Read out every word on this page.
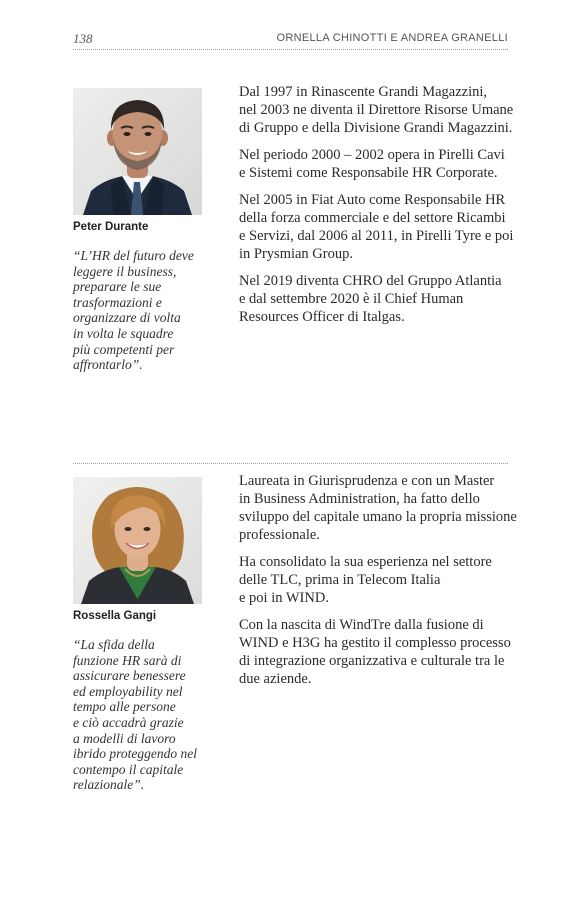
138	ORNELLA CHINOTTI E ANDREA GRANELLI
Peter Durante

“L’HR del futuro deve
leggere il business,
preparare le sue
trasformazioni e
organizzare di volta
in volta le squadre
più competenti per
affrontarlo”.

Dal 1997 in Rinascente Grandi Magazzini,
nel 2003 ne diventa il Direttore Risorse Umane
di Gruppo e della Divisione Grandi Magazzini.

Nel periodo 2000 – 2002 opera in Pirelli Cavi
e Sistemi come Responsabile HR Corporate.

Nel 2005 in Fiat Auto come Responsabile HR
della forza commerciale e del settore Ricambi
e Servizi, dal 2006 al 2011, in Pirelli Tyre e poi
in Prysmian Group.

Nel 2019 diventa CHRO del Gruppo Atlantia
e dal settembre 2020 è il Chief Human
Resources Officer di Italgas.

Rossella Gangi

“La sfida della
funzione HR sarà di
assicurare benessere
ed employability nel
tempo alle persone
e ciò accadrà grazie
a modelli di lavoro
ibrido proteggendo nel
contempo il capitale
relazionale”.

Laureata in Giurisprudenza e con un Master
in Business Administration, ha fatto dello
sviluppo del capitale umano la propria missione
professionale.

Ha consolidato la sua esperienza nel settore
delle TLC, prima in Telecom Italia
e poi in WIND.

Con la nascita di WindTre dalla fusione di
WIND e H3G ha gestito il complesso processo
di integrazione organizzativa e culturale tra le
due aziende.
